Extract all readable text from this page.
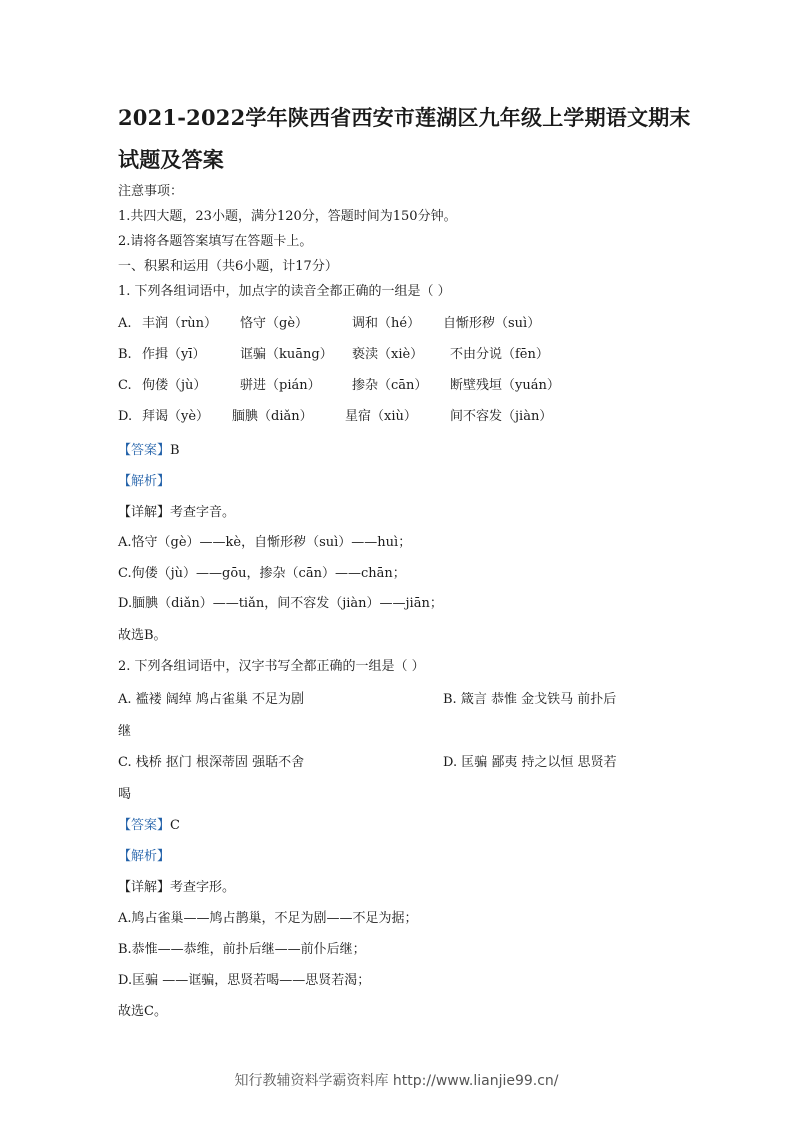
2021-2022学年陕西省西安市莲湖区九年级上学期语文期末
试题及答案
注意事项：
1.共四大题，23小题，满分120分，答题时间为150分钟。
2.请将各题答案填写在答题卡上。
一、积累和运用（共6小题，计17分）
1. 下列各组词语中，加点字的读音全都正确的一组是（ ）
A. 丰润（rùn） 恪守（gè）	调和（hé） 自惭形秽（suì）
B. 作揖（yī）	诓骗（kuāng） 亵渎（xiè） 不由分说（fēn）
C. 佝偻（jù）	骈进（pián） 掺杂（cān） 断壁残垣（yuán）
D. 拜谒（yè） 腼腆（diǎn） 星宿（xiù）	间不容发（jiàn）
【答案】B
【解析】
【详解】考查字音。
A.恪守（gè）——kè，自惭形秽（suì）——huì；
C.佝偻（jù）——gōu，掺杂（cān）——chān；
D.腼腆（diǎn）——tiǎn，间不容发（jiàn）——jiān；
故选B。
2. 下列各组词语中，汉字书写全都正确的一组是（ ）
A. 褴褛 阔绰 鸠占雀巢 不足为剧	B. 箴言 恭惟 金戈铁马 前扑后
继
C. 栈桥 抠门 根深蒂固 强聒不舍	D. 匡骗 鄙夷 持之以恒 思贤若
喝
【答案】C
【解析】
【详解】考查字形。
A.鸠占雀巢——鸠占鹊巢，不足为剧——不足为据；
B.恭惟——恭维，前扑后继——前仆后继；
D.匡骗 ——诓骗，思贤若喝——思贤若渴；
故选C。
知行教辅资料学霸资料库 http://www.lianjie99.cn/
